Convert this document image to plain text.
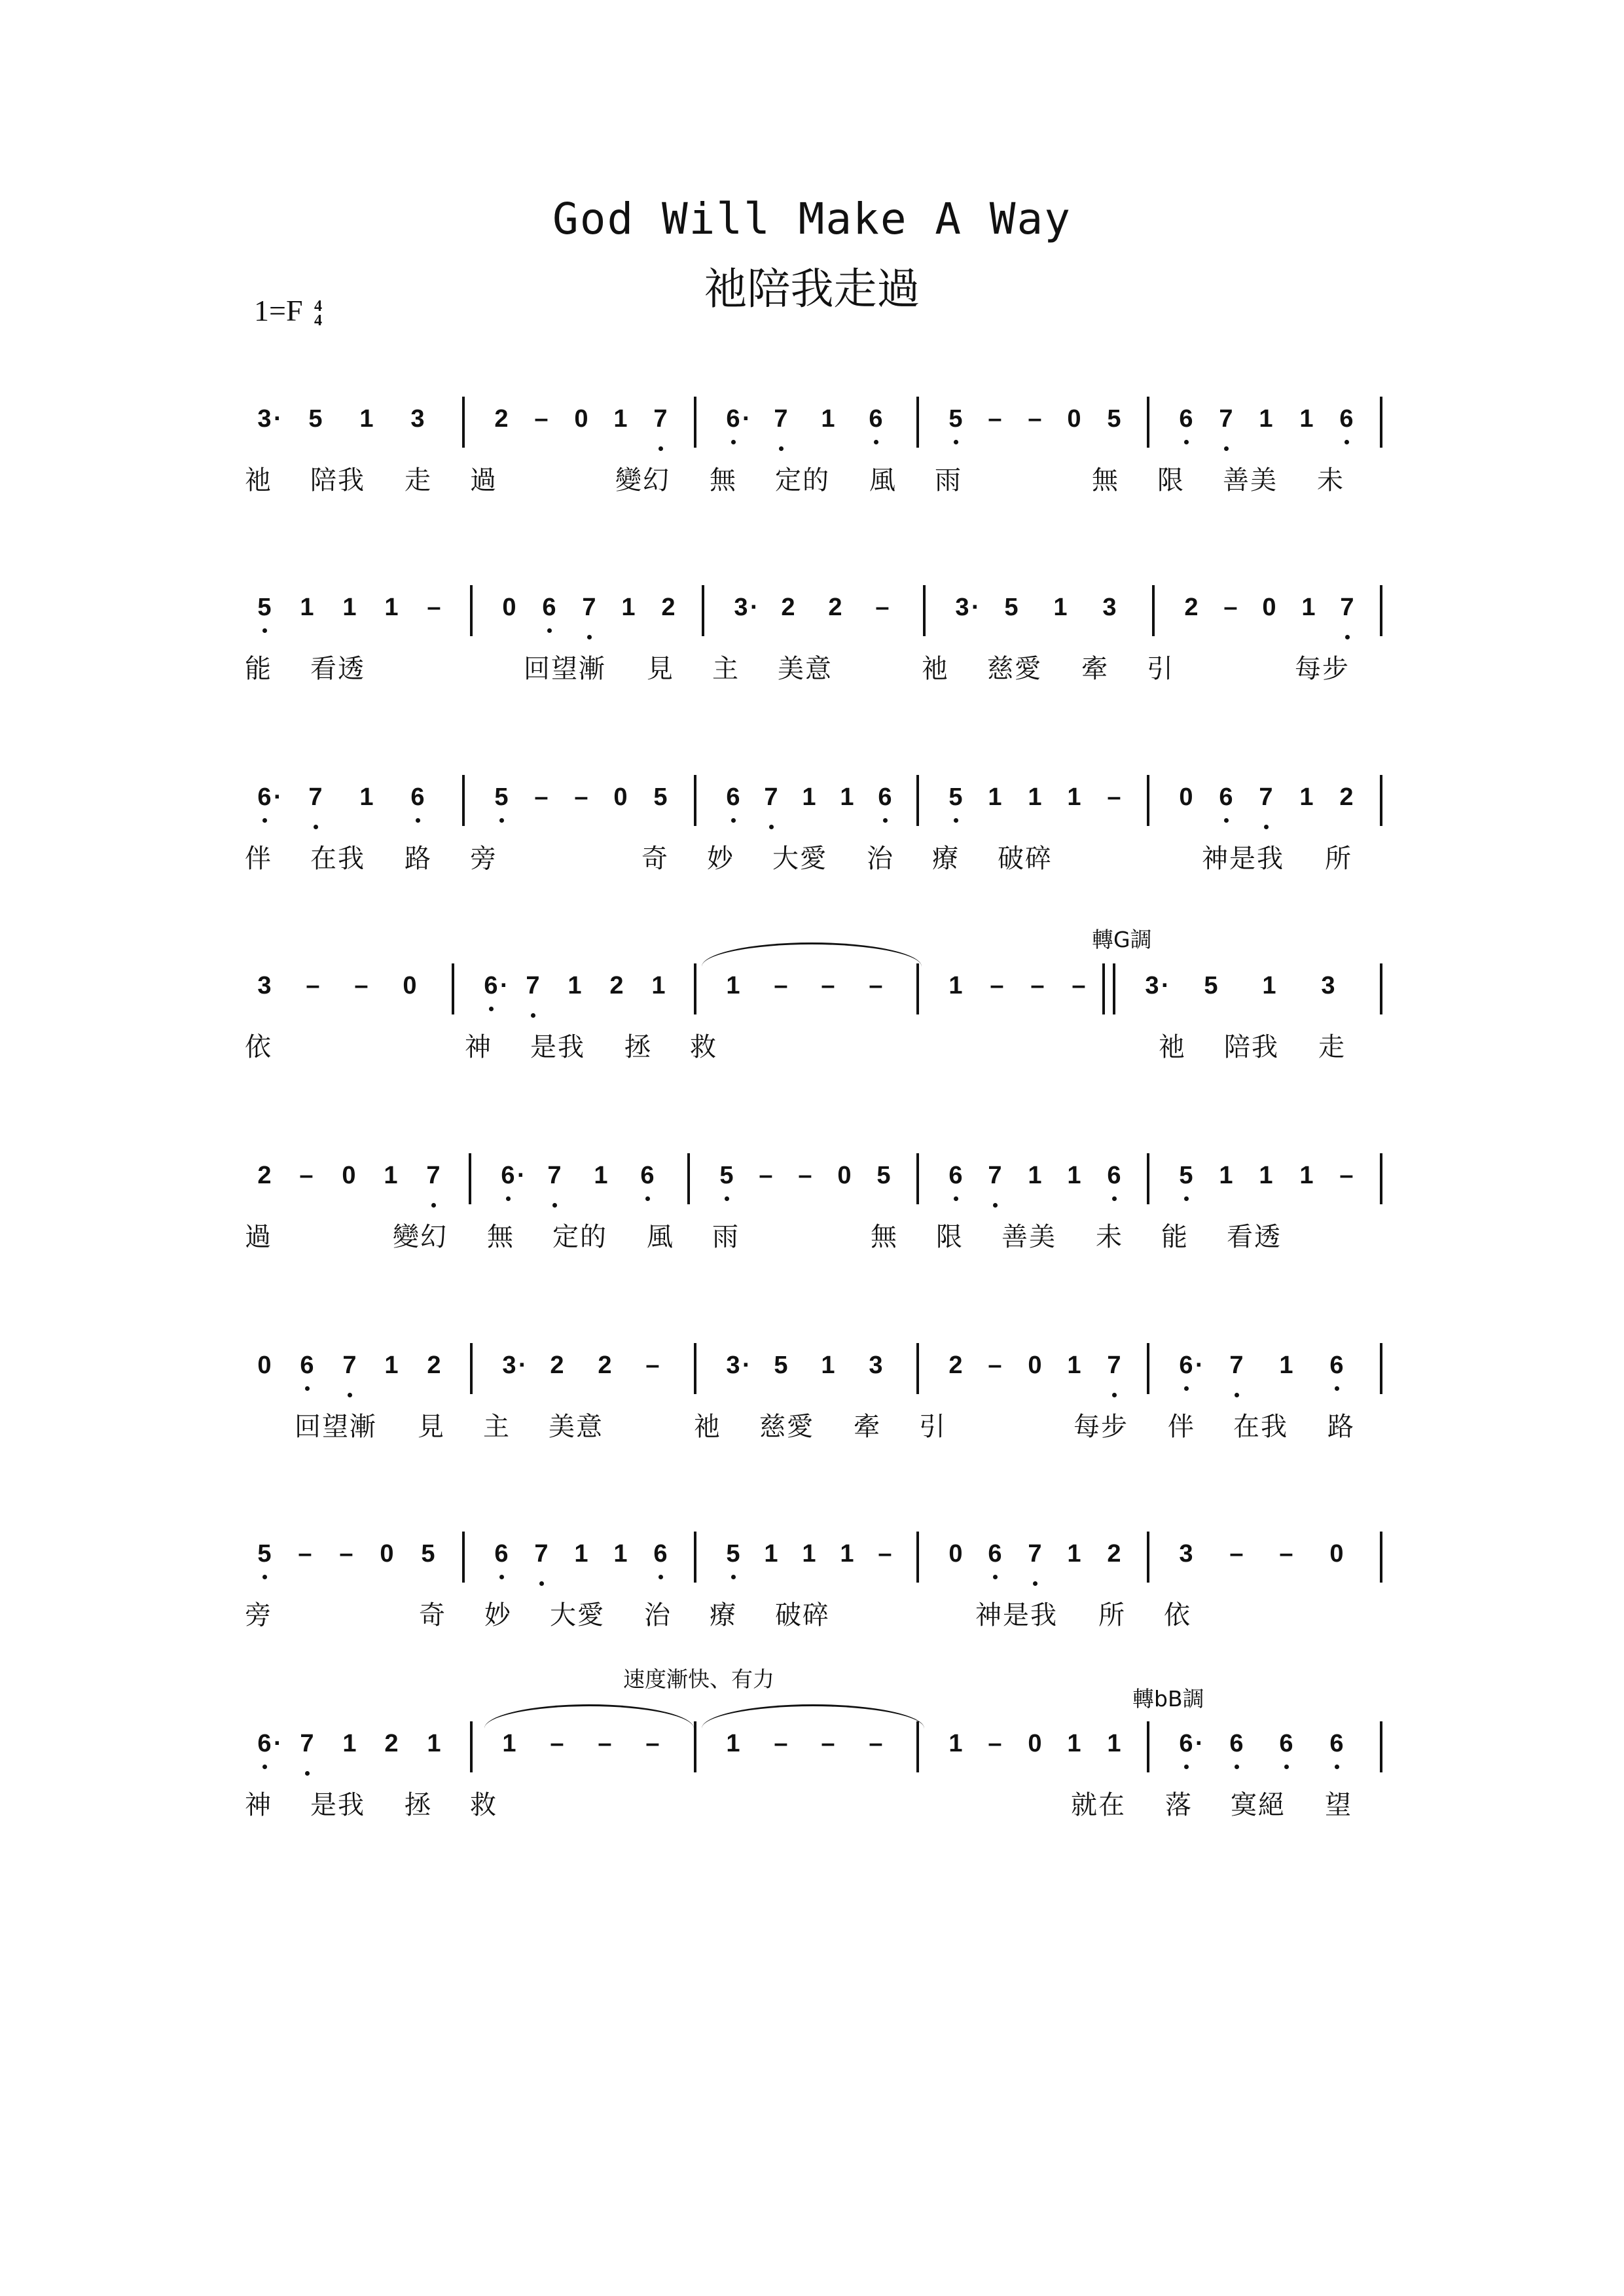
God Will Make A Way
祂陪我走過
1=F 4
4
轉G調
速度漸快、有力
轉bB調
3 ·	5	1	3	2	–	0	1	7	6 · 7	1	6	5	–	–	0	5	6	7	1	1	6
祂 陪我 走 過	變幻 無 定的 風 雨	無 限 善美 未
5	1	1	1	–	0	6	7	1	2	3 · 2	2	–	3 · 5	1	3	2	– 0	1 7
能 看透	回望漸 見 主 美意	祂 慈愛 牽 引	每步
6 ·	7	1	6	5	–	–	0	5	6 7 1 1 6	5	1	1	1	–	0	6	7	1	2
伴 在我 路 旁	奇 妙 大愛 治 療 破碎	神是我 所
3	–	–	0	6 · 7	1	2	1	1	–	–	–	1	–	–	–	3 ·	5	1	3
依	神 是我 拯 救	祂 陪我 走
2	–	0	1	7	6 · 7	1	6	5	–	–	0	5	6	7	1	1	6	5	1	1	1	–
過	變幻 無 定的 風 雨	無 限 善美 未 能 看透
0	6	7	1	2	3 · 2	2	–	3 · 5	1	3	2	–	0	1	7	6 ·	7	1	6
回望漸 見 主 美意	祂 慈愛 牽 引	每步 伴 在我 路
5	–	–	0	5	6	7	1	1	6	5 1 1 1 –	0	6	7	1	2	3	–	–	0
旁	奇 妙 大愛 治 療 破碎	神是我 所 依
6 · 7	1	2	1	1	–	–	–	1	–	–	–	1	–	0	1	1	6 ·	6	6	6
神 是我 拯 救	就在 落 寞絕 望
